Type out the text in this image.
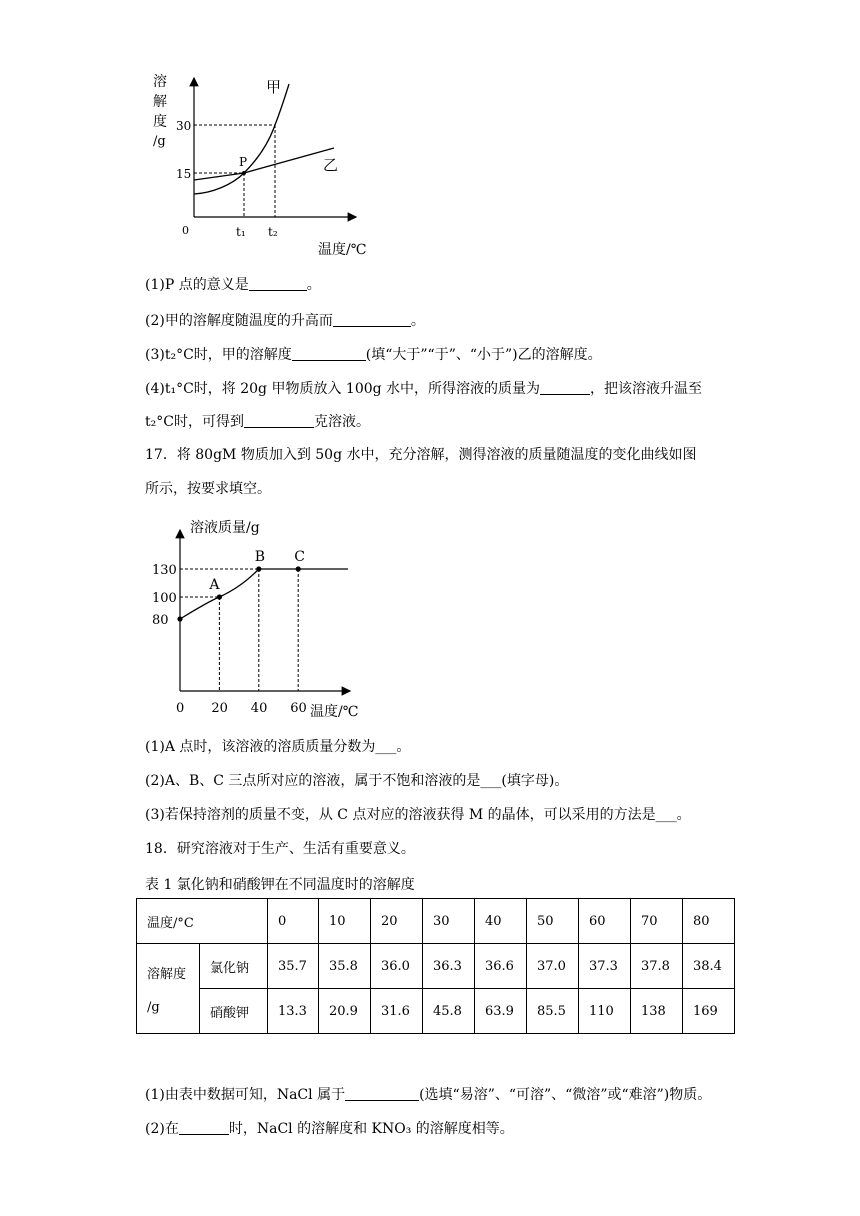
溶
解
度
/g
30
15
0	t₁ t₂
温度/℃
P
甲
乙
(1)P 点的意义是	。
(2)甲的溶解度随温度的升高而	。
(3)t₂°C时，甲的溶解度	(填“大于”“于”、“小于”)乙的溶解度。
(4)t₁°C时，将 20g 甲物质放入 100g 水中，所得溶液的质量为	，把该溶液升温至
t₂°C时，可得到	克溶液。
17．将 80gM 物质加入到 50g 水中，充分溶解，测得溶液的质量随温度的变化曲线如图
所示，按要求填空。
溶液质量/g
温度/℃
A
B C
130
100
80
0 20 40 60
(1)A 点时，该溶液的溶质质量分数为___。
(2)A、B、C 三点所对应的溶液，属于不饱和溶液的是___(填字母)。
(3)若保持溶剂的质量不变，从 C 点对应的溶液获得 M 的晶体，可以采用的方法是___。
18．研究溶液对于生产、生活有重要意义。
表 1 氯化钠和硝酸钾在不同温度时的溶解度
温度/°C		0	10	20	30	40	50	60	70	80

溶解度
/g	氯化钠	35.7	35.8	36.0	36.3	36.6	37.0	37.3	37.8	38.4
	硝酸钾	13.3	20.9	31.6	45.8	63.9	85.5	110	138	169
(1)由表中数据可知，NaCl 属于	(选填“易溶”、“可溶”、“微溶”或“难溶”)物质。
(2)在	时，NaCl 的溶解度和 KNO₃ 的溶解度相等。
